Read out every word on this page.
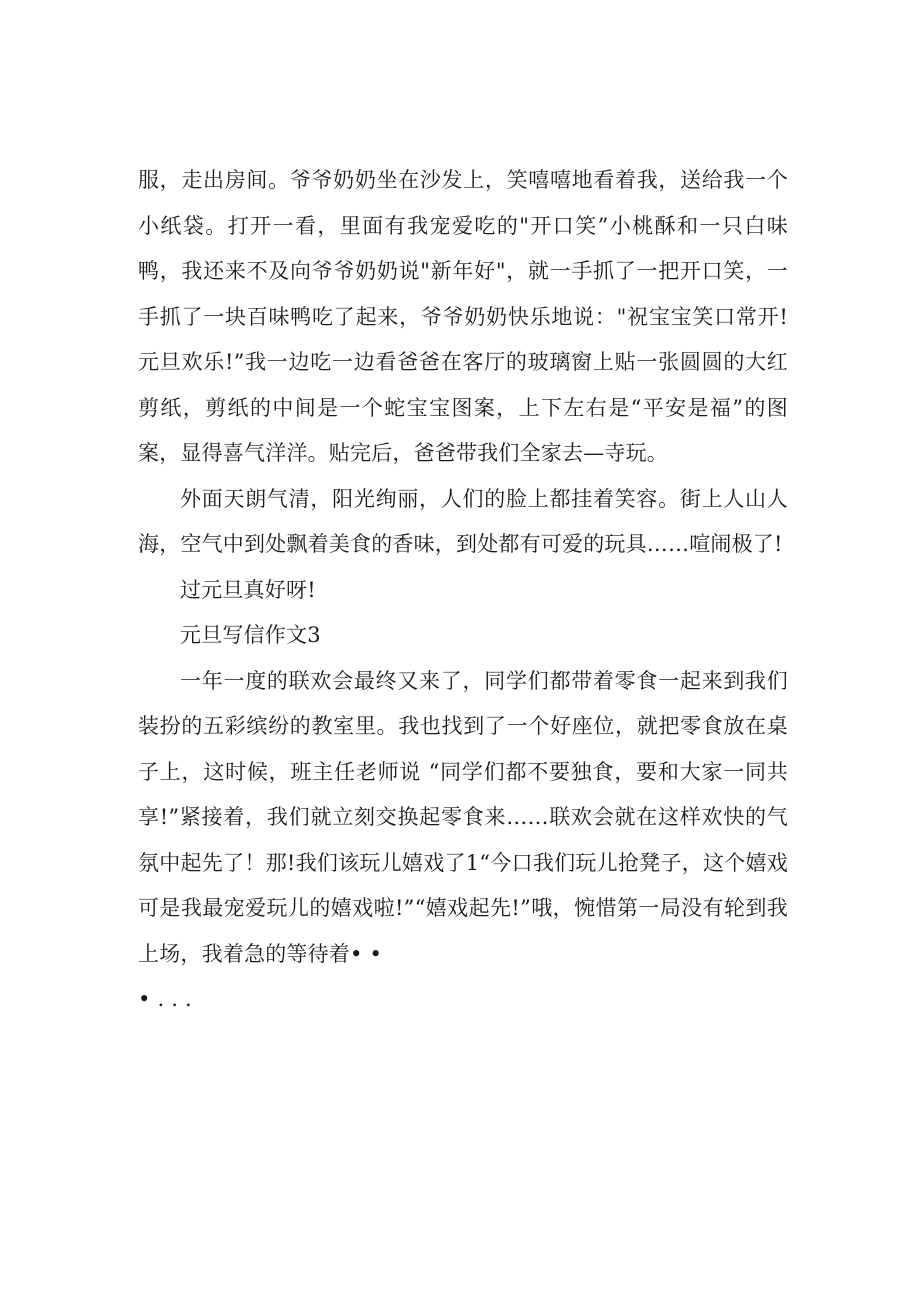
服，走出房间。爷爷奶奶坐在沙发上，笑嘻嘻地看着我，送给我一个小纸袋。打开一看，里面有我宠爱吃的"开口笑”小桃酥和一只白味鸭，我还来不及向爷爷奶奶说"新年好"，就一手抓了一把开口笑，一手抓了一块百味鸭吃了起来，爷爷奶奶快乐地说："祝宝宝笑口常开!元旦欢乐!”我一边吃一边看爸爸在客厅的玻璃窗上贴一张圆圆的大红剪纸，剪纸的中间是一个蛇宝宝图案，上下左右是“平安是福”的图案，显得喜气洋洋。贴完后，爸爸带我们全家去—寺玩。

外面天朗气清，阳光绚丽，人们的脸上都挂着笑容。街上人山人海，空气中到处飘着美食的香味，到处都有可爱的玩具……喧闹极了!

过元旦真好呀!

元旦写信作文3

一年一度的联欢会最终又来了，同学们都带着零食一起来到我们装扮的五彩缤纷的教室里。我也找到了一个好座位，就把零食放在桌子上，这时候，班主任老师说 “同学们都不要独食，要和大家一同共享!”紧接着，我们就立刻交换起零食来……联欢会就在这样欢快的气氛中起先了！那!我们该玩儿嬉戏了1“今口我们玩儿抢凳子，这个嬉戏可是我最宠爱玩儿的嬉戏啦!”“嬉戏起先!”哦，惋惜第一局没有轮到我上场，我着急的等待着• •

• . . .
